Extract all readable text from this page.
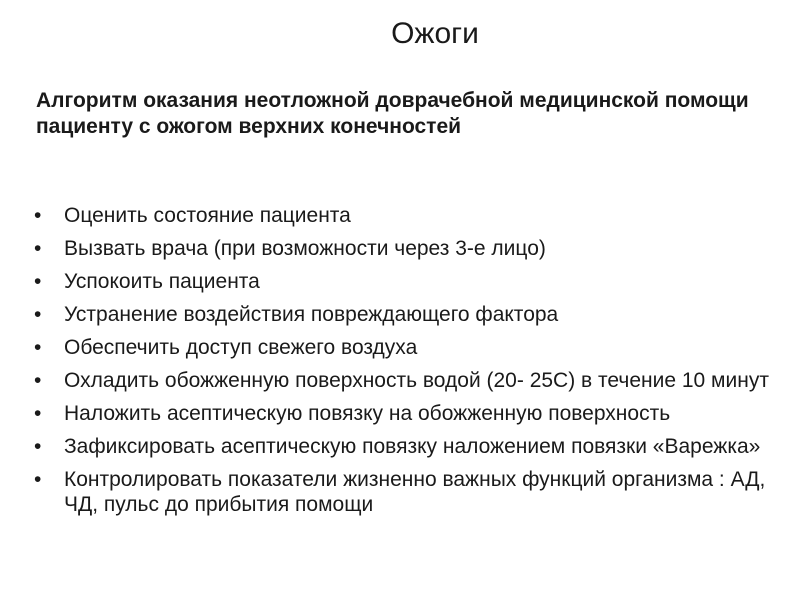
Ожоги
Алгоритм оказания неотложной доврачебной медицинской помощи   пациенту с ожогом верхних конечностей
•	Оценить состояние пациента
•	Вызвать врача (при возможности через 3-е лицо)
•	Успокоить пациента
•	Устранение воздействия повреждающего фактора
•	Обеспечить доступ свежего воздуха
•	Охладить обожженную поверхность водой (20- 25С) в течение 10 минут
•	Наложить асептическую повязку на обожженную поверхность
•	Зафиксировать асептическую повязку наложением повязки «Варежка»
•	Контролировать показатели жизненно важных функций организма : АД, ЧД, пульс до прибытия помощи
